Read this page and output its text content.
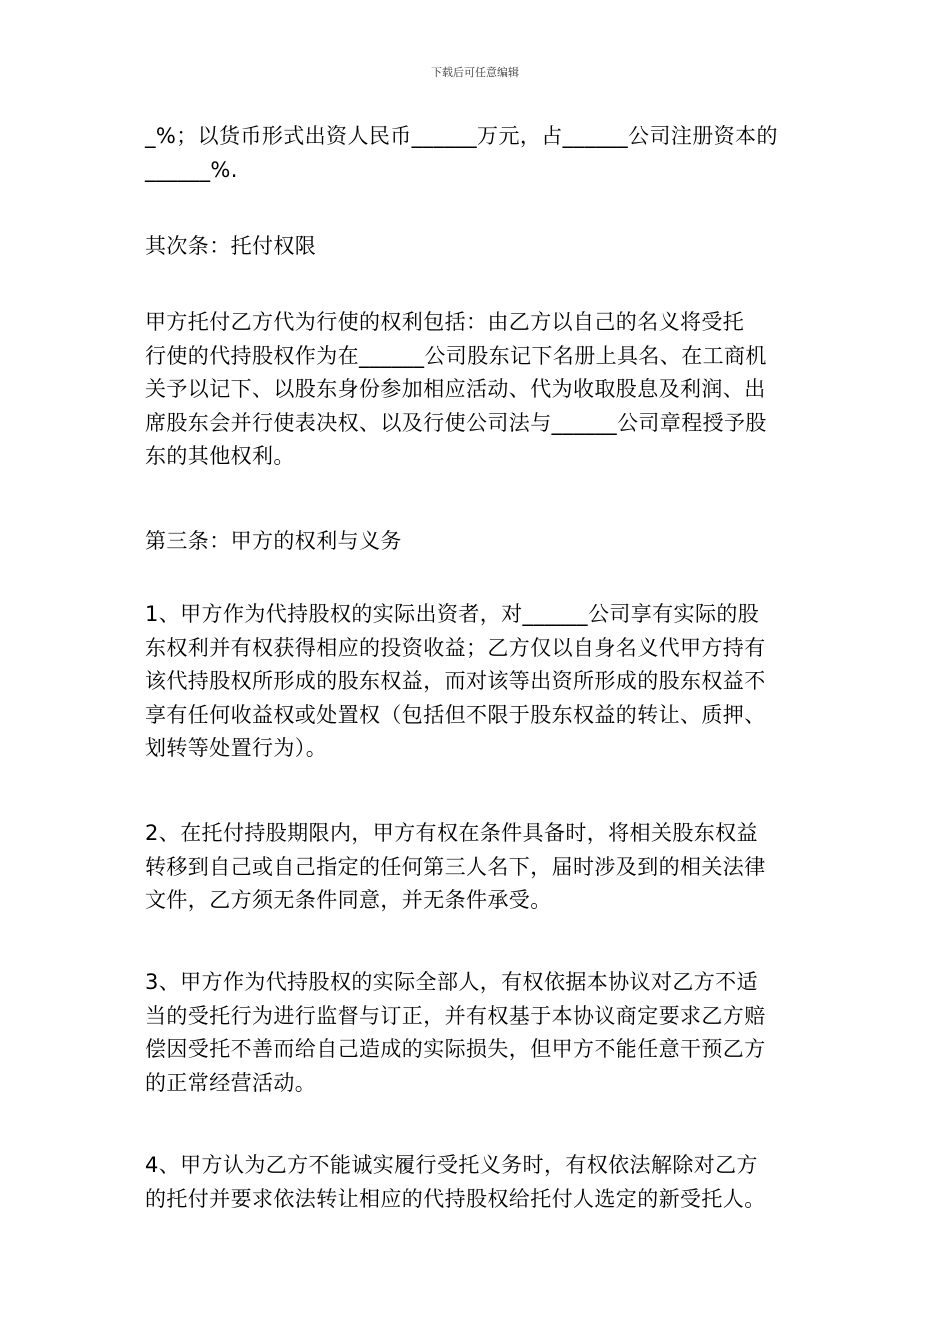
下载后可任意编辑
_%；以货币形式出资人民币______万元，占______公司注册资本的
______%.
其次条：托付权限
甲方托付乙方代为行使的权利包括：由乙方以自己的名义将受托
行使的代持股权作为在______公司股东记下名册上具名、在工商机
关予以记下、以股东身份参加相应活动、代为收取股息及利润、出
席股东会并行使表决权、以及行使公司法与______公司章程授予股
东的其他权利。
第三条：甲方的权利与义务
1、甲方作为代持股权的实际出资者，对______公司享有实际的股
东权利并有权获得相应的投资收益；乙方仅以自身名义代甲方持有
该代持股权所形成的股东权益，而对该等出资所形成的股东权益不
享有任何收益权或处置权（包括但不限于股东权益的转让、质押、
划转等处置行为）。
2、在托付持股期限内，甲方有权在条件具备时，将相关股东权益
转移到自己或自己指定的任何第三人名下，届时涉及到的相关法律
文件，乙方须无条件同意，并无条件承受。
3、甲方作为代持股权的实际全部人，有权依据本协议对乙方不适
当的受托行为进行监督与订正，并有权基于本协议商定要求乙方赔
偿因受托不善而给自己造成的实际损失，但甲方不能任意干预乙方
的正常经营活动。
4、甲方认为乙方不能诚实履行受托义务时，有权依法解除对乙方
的托付并要求依法转让相应的代持股权给托付人选定的新受托人。
